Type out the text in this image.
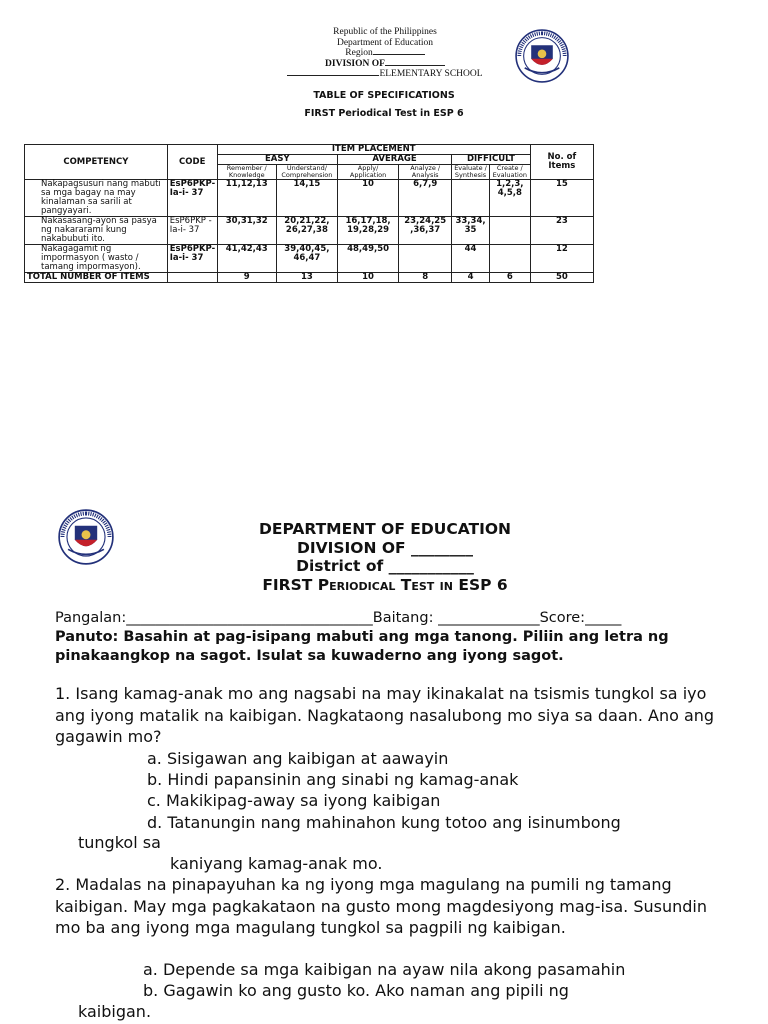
Republic of the Philippines
Department of Education
Region
DIVISION OF
ELEMENTARY SCHOOL
TABLE OF SPECIFICATIONS
FIRST Periodical Test in ESP 6
COMPETENCY	CODE	ITEM PLACEMENT						No. of Items
		EASY		AVERAGE		DIFFICULT		
		Remember / Knowledge	Understand/ Comprehension	Apply/ Application	Analyze / Analysis	Evaluate / Synthesis	Create / Evaluation	
Nakapagsusuri nang mabuti sa mga bagay na may kinalaman sa sarili at pangyayari.	EsP6PKP- Ia-i- 37	11,12,13	14,15	10	6,7,9		1,2,3, 4,5,8	15
Nakasasang-ayon sa pasya ng nakararami kung nakabubuti ito.	EsP6PKP - Ia-i- 37	30,31,32	20,21,22, 26,27,38	16,17,18, 19,28,29	23,24,25 ,36,37	33,34, 35		23
Nakagagamit ng impormasyon ( wasto / tamang impormasyon).	EsP6PKP- Ia-i- 37	41,42,43	39,40,45, 46,47	48,49,50		44		12
TOTAL NUMBER OF ITEMS		9	13	10	8	4	6	50
DEPARTMENT OF EDUCATION
DIVISION OF ________
District of ___________
FIRST Periodical Test in ESP 6
Pangalan:__________________________________Baitang: ______________Score:_____
Panuto: Basahin at pag-isipang mabuti ang mga tanong. Piliin ang letra ng pinakaangkop na sagot. Isulat sa kuwaderno ang iyong sagot.
1. Isang kamag-anak mo ang nagsabi na may ikinakalat na tsismis tungkol sa iyo ang iyong matalik na kaibigan. Nagkataong nasalubong mo siya sa daan. Ano ang gagawin mo?
a. Sisigawan ang kaibigan at aawayin
b. Hindi papansinin ang sinabi ng kamag-anak
c. Makikipag-away sa iyong kaibigan
d. Tatanungin nang mahinahon kung totoo ang isinumbong
tungkol sa
kaniyang kamag-anak mo.
2. Madalas na pinapayuhan ka ng iyong mga magulang na pumili ng tamang kaibigan. May mga pagkakataon na gusto mong magdesiyong mag-isa. Susundin mo ba ang iyong mga magulang tungkol sa pagpili ng kaibigan.
a. Depende sa mga kaibigan na ayaw nila akong pasamahin
b. Gagawin ko ang gusto ko. Ako naman ang pipili ng
kaibigan.
